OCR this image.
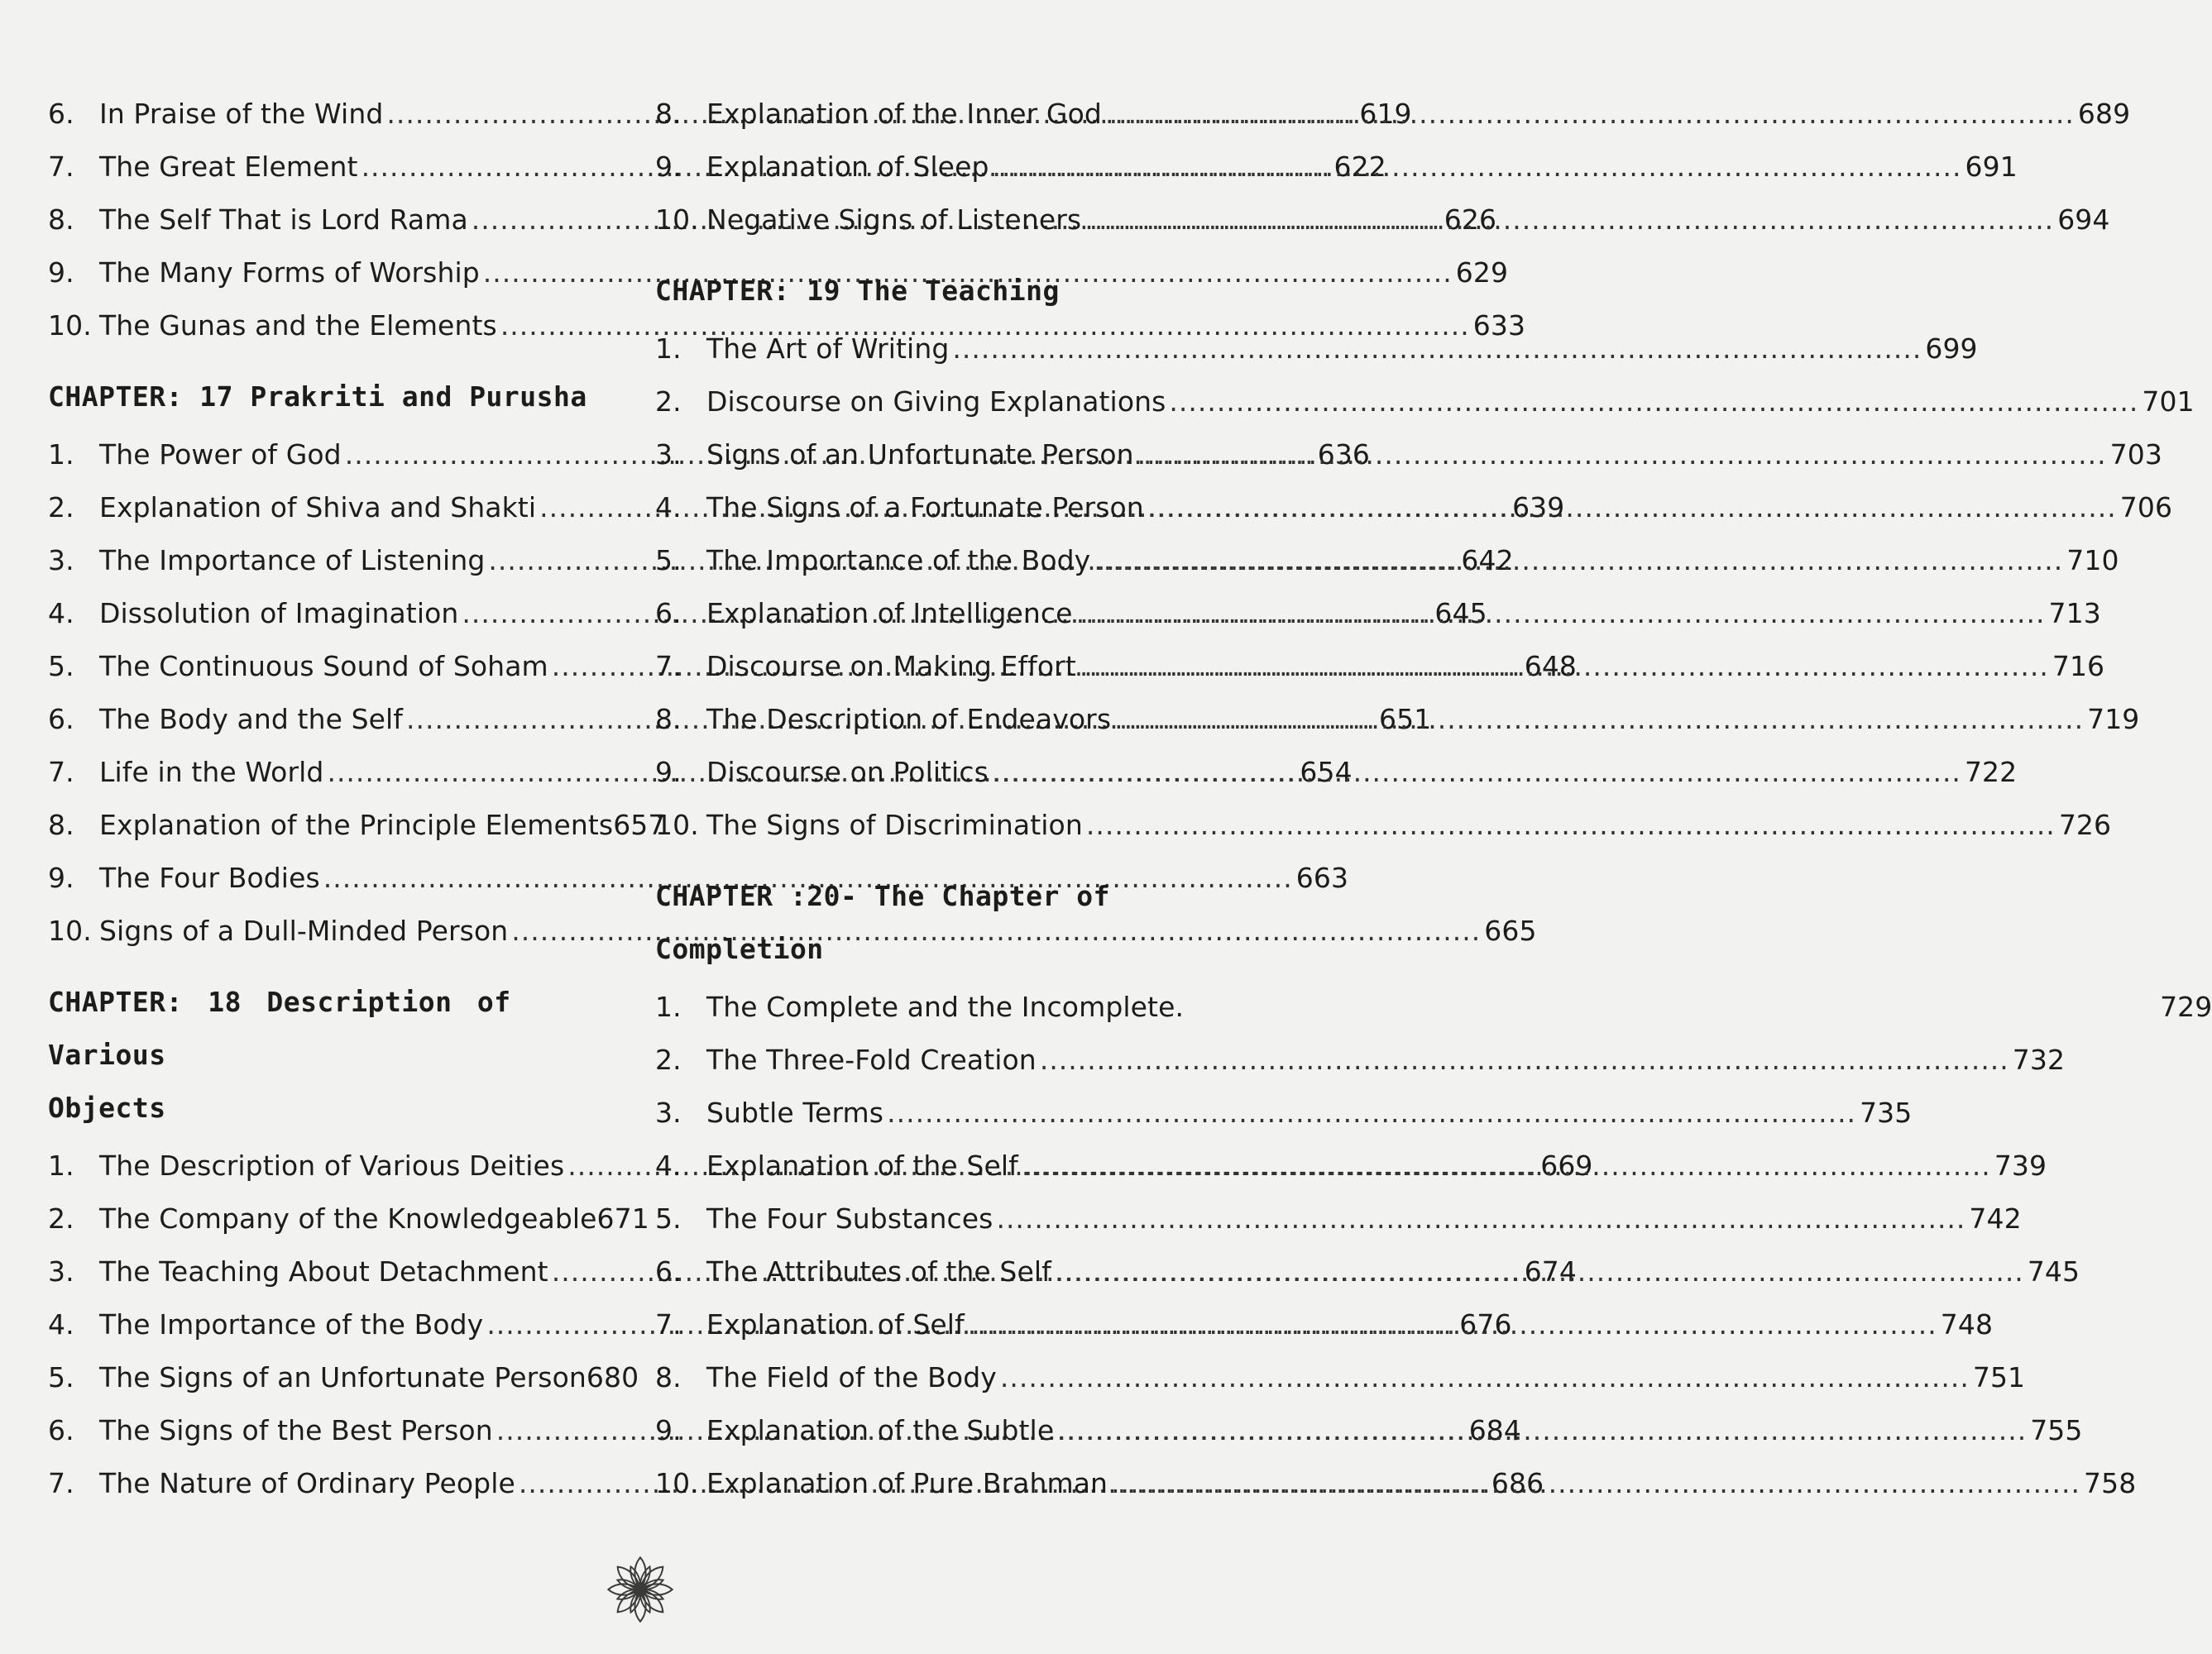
6. In Praise of the Wind .....	619
7. The Great Element .....	622
8. The Self That is Lord Rama .....	626
9. The Many Forms of Worship .....	629
10. The Gunas and the Elements .....	633
CHAPTER: 17 Prakriti and Purusha
1. The Power of God .....	636
2. Explanation of Shiva and Shakti .....	639
3. The Importance of Listening .....	642
4. Dissolution of Imagination .....	645
5. The Continuous Sound of Soham .....	648
6. The Body and the Self .....	651
7. Life in the World .....	654
8. Explanation of the Principle Elements657
9. The Four Bodies .....	663
10. Signs of a Dull-Minded Person .....	665
CHAPTER: 18 Description of Various
Objects
1. The Description of Various Deities .....	669
2. The Company of the Knowledgeable671
3. The Teaching About Detachment .....	674
4. The Importance of the Body .....	676
5. The Signs of an Unfortunate Person680
6. The Signs of the Best Person .....	684
7. The Nature of Ordinary People .....	686
8. Explanation of the Inner God .....	689
9. Explanation of Sleep .....	691
10. Negative Signs of Listeners .....	694
CHAPTER: 19 The Teaching
1. The Art of Writing .....	699
2. Discourse on Giving Explanations .....	701
3. Signs of an Unfortunate Person .....	703
4. The Signs of a Fortunate Person .....	706
5. The Importance of the Body .....	710
6. Explanation of Intelligence .....	713
7. Discourse on Making Effort .....	716
8. The Description of Endeavors .....	719
9. Discourse on Politics .....	722
10. The Signs of Discrimination .....	726
CHAPTER :20- The Chapter of Completion
1. The Complete and the Incomplete.	729
2. The Three-Fold Creation .....	732
3. Subtle Terms .....	735
4. Explanation of the Self .....	739
5. The Four Substances .....	742
6. The Attributes of the Self .....	745
7. Explanation of Self .....	748
8. The Field of the Body .....	751
9. Explanation of the Subtle .....	755
10. Explanation of Pure Brahman .....	758
